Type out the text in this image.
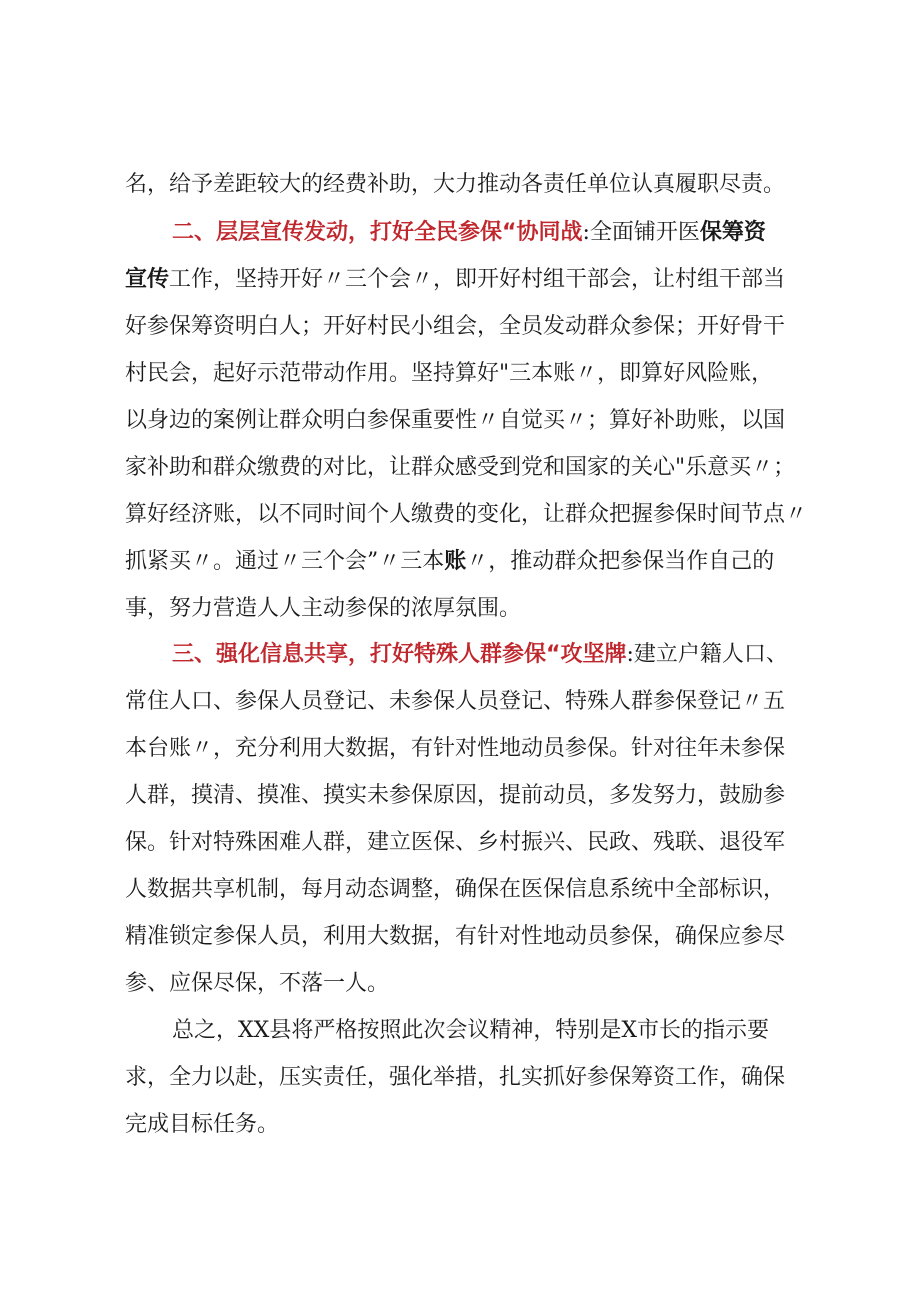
名，给予差距较大的经费补助，大力推动各责任单位认真履职尽责。
二、层层宣传发动，打好全民参保“协同战:全面铺开医保筹资
宣传工作，坚持开好〃三个会〃，即开好村组干部会，让村组干部当
好参保筹资明白人；开好村民小组会，全员发动群众参保；开好骨干
村民会，起好示范带动作用。坚持算好"三本账〃，即算好风险账，
以身边的案例让群众明白参保重要性〃自觉买〃；算好补助账，以国
家补助和群众缴费的对比，让群众感受到党和国家的关心"乐意买〃；
算好经济账，以不同时间个人缴费的变化，让群众把握参保时间节点〃
抓紧买〃。通过〃三个会”〃三本账〃，推动群众把参保当作自己的
事，努力营造人人主动参保的浓厚氛围。
三、强化信息共享，打好特殊人群参保“攻坚牌:建立户籍人口、
常住人口、参保人员登记、未参保人员登记、特殊人群参保登记〃五
本台账〃，充分利用大数据，有针对性地动员参保。针对往年未参保
人群，摸清、摸准、摸实未参保原因，提前动员，多发努力，鼓励参
保。针对特殊困难人群，建立医保、乡村振兴、民政、残联、退役军
人数据共享机制，每月动态调整，确保在医保信息系统中全部标识，
精准锁定参保人员，利用大数据，有针对性地动员参保，确保应参尽
参、应保尽保，不落一人。
总之，XX县将严格按照此次会议精神，特别是X市长的指示要
求，全力以赴，压实责任，强化举措，扎实抓好参保筹资工作，确保
完成目标任务。
